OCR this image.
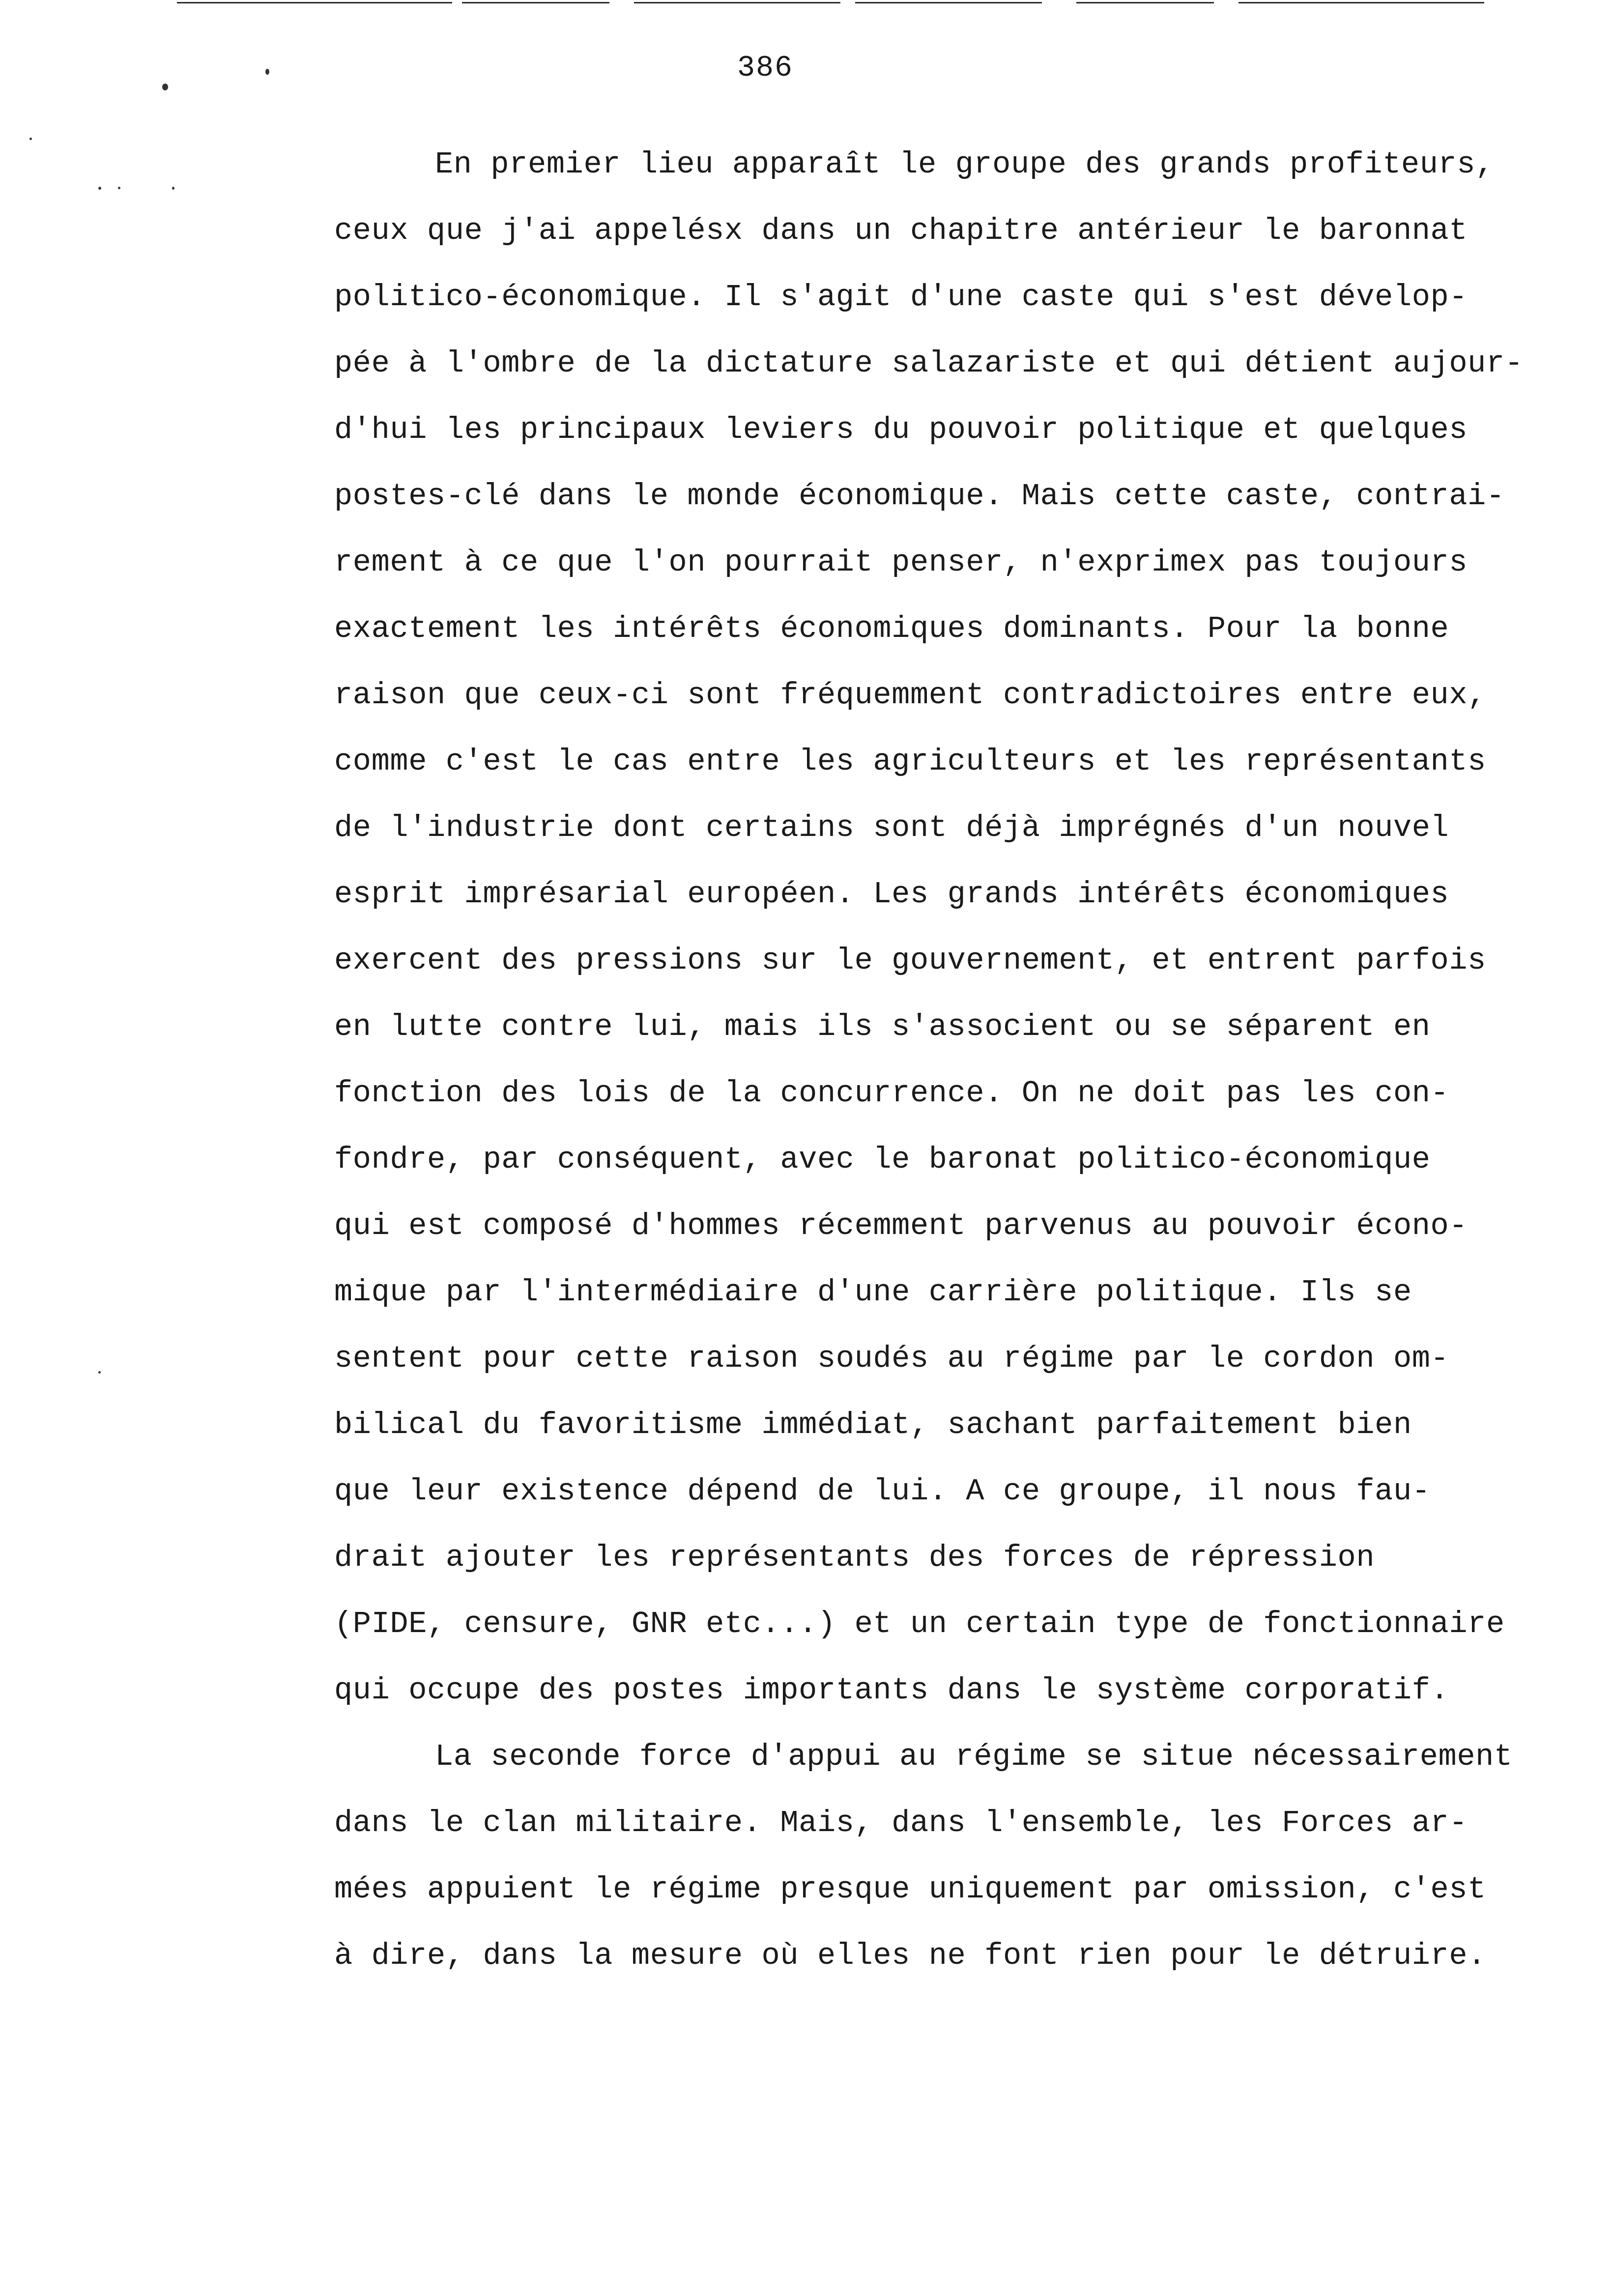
386
En premier lieu apparaît le groupe des grands profiteurs,
ceux que j'ai appelésx dans un chapitre antérieur le baronnat
politico-économique. Il s'agit d'une caste qui s'est dévelop-
pée à l'ombre de la dictature salazariste et qui détient aujour-
d'hui les principaux leviers du pouvoir politique et quelques
postes-clé dans le monde économique. Mais cette caste, contrai-
rement à ce que l'on pourrait penser, n'exprimex pas toujours
exactement les intérêts économiques dominants. Pour la bonne
raison que ceux-ci sont fréquemment contradictoires entre eux,
comme c'est le cas entre les agriculteurs et les représentants
de l'industrie dont certains sont déjà imprégnés d'un nouvel
esprit imprésarial européen. Les grands intérêts économiques
exercent des pressions sur le gouvernement, et entrent parfois
en lutte contre lui, mais ils s'associent ou se séparent en
fonction des lois de la concurrence. On ne doit pas les con-
fondre, par conséquent, avec le baronat politico-économique
qui est composé d'hommes récemment parvenus au pouvoir écono-
mique par l'intermédiaire d'une carrière politique. Ils se
sentent pour cette raison soudés au régime par le cordon om-
bilical du favoritisme immédiat, sachant parfaitement bien
que leur existence dépend de lui. A ce groupe, il nous fau-
drait ajouter les représentants des forces de répression
(PIDE, censure, GNR etc...) et un certain type de fonctionnaire
qui occupe des postes importants dans le système corporatif.
La seconde force d'appui au régime se situe nécessairement
dans le clan militaire. Mais, dans l'ensemble, les Forces ar-
mées appuient le régime presque uniquement par omission, c'est
à dire, dans la mesure où elles ne font rien pour le détruire.
